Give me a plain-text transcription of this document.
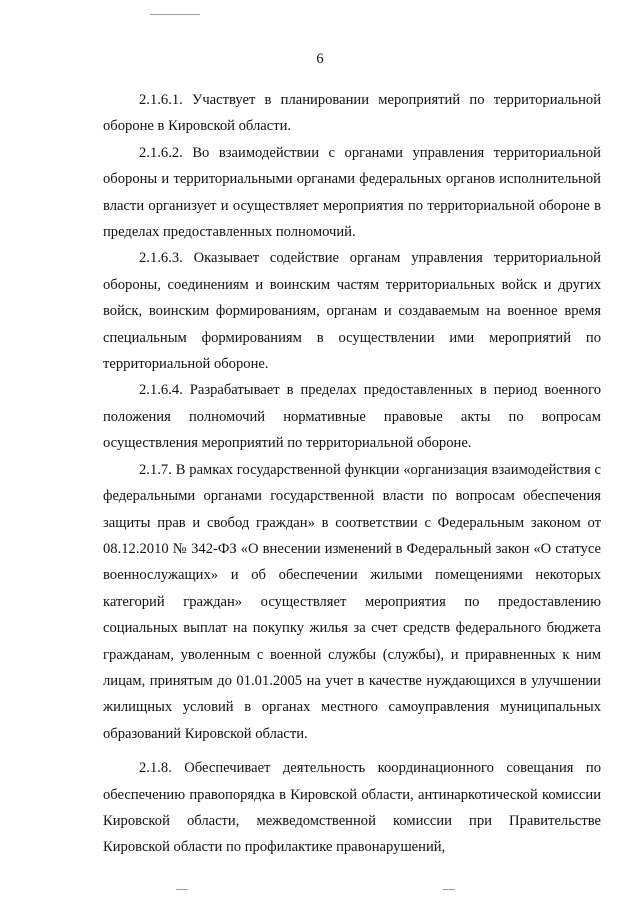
6

2.1.6.1. Участвует в планировании мероприятий по территориальной обороне в Кировской области.

2.1.6.2. Во взаимодействии с органами управления территориальной обороны и территориальными органами федеральных органов исполнительной власти организует и осуществляет мероприятия по территориальной обороне в пределах предоставленных полномочий.

2.1.6.3. Оказывает содействие органам управления территориальной обороны, соединениям и воинским частям территориальных войск и других войск, воинским формированиям, органам и создаваемым на военное время специальным формированиям в осуществлении ими мероприятий по территориальной обороне.

2.1.6.4. Разрабатывает в пределах предоставленных в период военного положения полномочий нормативные правовые акты по вопросам осуществления мероприятий по территориальной обороне.

2.1.7. В рамках государственной функции «организация взаимодействия с федеральными органами государственной власти по вопросам обеспечения защиты прав и свобод граждан» в соответствии с Федеральным законом от 08.12.2010 № 342-ФЗ «О внесении изменений в Федеральный закон «О статусе военнослужащих» и об обеспечении жилыми помещениями некоторых категорий граждан» осуществляет мероприятия по предоставлению социальных выплат на покупку жилья за счет средств федерального бюджета гражданам, уволенным с военной службы (службы), и приравненных к ним лицам, принятым до 01.01.2005 на учет в качестве нуждающихся в улучшении жилищных условий в органах местного самоуправления муниципальных образований Кировской области.

2.1.8. Обеспечивает деятельность координационного совещания по обеспечению правопорядка в Кировской области, антинаркотической комиссии Кировской области, межведомственной комиссии при Правительстве Кировской области по профилактике правонарушений,
